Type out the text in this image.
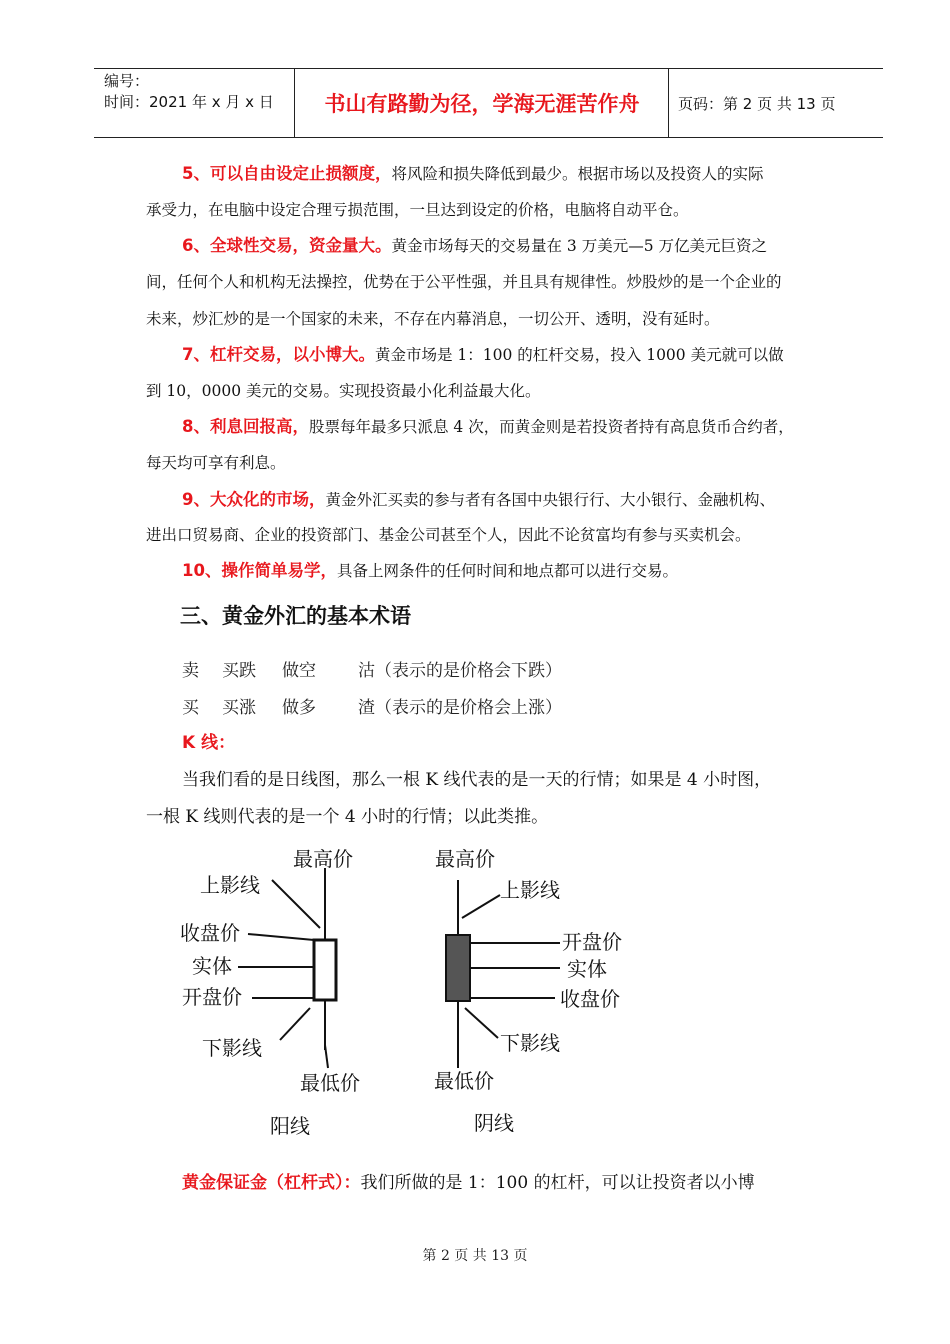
编号：
时间：2021 年 x 月 x 日	书山有路勤为径，学海无涯苦作舟	页码：第 2 页 共 13 页
5、可以自由设定止损额度，将风险和损失降低到最少。根据市场以及投资人的实际
承受力，在电脑中设定合理亏损范围，一旦达到设定的价格，电脑将自动平仓。
6、全球性交易，资金量大。黄金市场每天的交易量在 3 万美元—5 万亿美元巨资之
间，任何个人和机构无法操控，优势在于公平性强，并且具有规律性。炒股炒的是一个企业的
未来，炒汇炒的是一个国家的未来，不存在内幕消息，一切公开、透明，没有延时。
7、杠杆交易，以小博大。黄金市场是 1：100 的杠杆交易，投入 1000 美元就可以做
到 10，0000 美元的交易。实现投资最小化利益最大化。
8、利息回报高，股票每年最多只派息 4 次，而黄金则是若投资者持有高息货币合约者，
每天均可享有利息。
9、大众化的市场，黄金外汇买卖的参与者有各国中央银行行、大小银行、金融机构、
进出口贸易商、企业的投资部门、基金公司甚至个人，因此不论贫富均有参与买卖机会。
10、操作简单易学，具备上网条件的任何时间和地点都可以进行交易。
三、黄金外汇的基本术语
卖 买跌 做空 沽（表示的是价格会下跌）
买 买涨 做多 渣（表示的是价格会上涨）
K 线：
当我们看的是日线图，那么一根 K 线代表的是一天的行情；如果是 4 小时图，
一根 K 线则代表的是一个 4 小时的行情；以此类推。
最高价
上影线
收盘价
实体
开盘价
下影线
最低价
阳线
最高价
上影线
开盘价
实体
收盘价
下影线
最低价
阴线
黄金保证金（杠杆式）：我们所做的是 1：100 的杠杆，可以让投资者以小博
第 2 页 共 13 页
